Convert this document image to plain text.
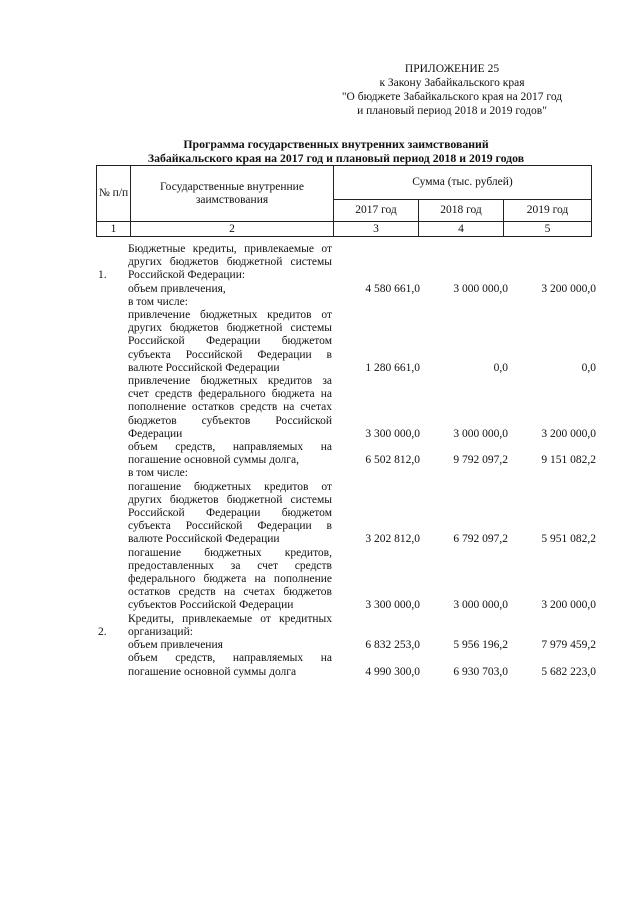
ПРИЛОЖЕНИЕ 25
к Закону Забайкальского края
"О бюджете Забайкальского края на 2017 год
и плановый период 2018 и 2019 годов"
Программа государственных внутренних заимствований
Забайкальского края на 2017 год и плановый период 2018 и 2019 годов
№ п/п	Государственные внутренние заимствования	Сумма (тыс. рублей)		
		2017 год	2018 год	2019 год
1	2	3	4	5
1.
Бюджетные кредиты, привлекаемые от других бюджетов бюджетной системы Российской Федерации:
объем привлечения,	4 580 661,0	3 000 000,0	3 200 000,0
в том числе:
привлечение бюджетных кредитов от других бюджетов бюджетной системы Российской Федерации бюджетом субъекта Российской Федерации в валюте Российской Федерации	1 280 661,0	0,0	0,0
привлечение бюджетных кредитов за счет средств федерального бюджета на пополнение остатков средств на счетах бюджетов субъектов Российской Федерации	3 300 000,0	3 000 000,0	3 200 000,0
объем средств, направляемых на погашение основной суммы долга,	6 502 812,0	9 792 097,2	9 151 082,2
в том числе:
погашение бюджетных кредитов от других бюджетов бюджетной системы Российской Федерации бюджетом субъекта Российской Федерации в валюте Российской Федерации	3 202 812,0	6 792 097,2	5 951 082,2
погашение бюджетных кредитов, предоставленных за счет средств федерального бюджета на пополнение остатков средств на счетах бюджетов субъектов Российской Федерации	3 300 000,0	3 000 000,0	3 200 000,0
2.
Кредиты, привлекаемые от кредитных организаций:
объем привлечения	6 832 253,0	5 956 196,2	7 979 459,2
объем средств, направляемых на погашение основной суммы долга	4 990 300,0	6 930 703,0	5 682 223,0
